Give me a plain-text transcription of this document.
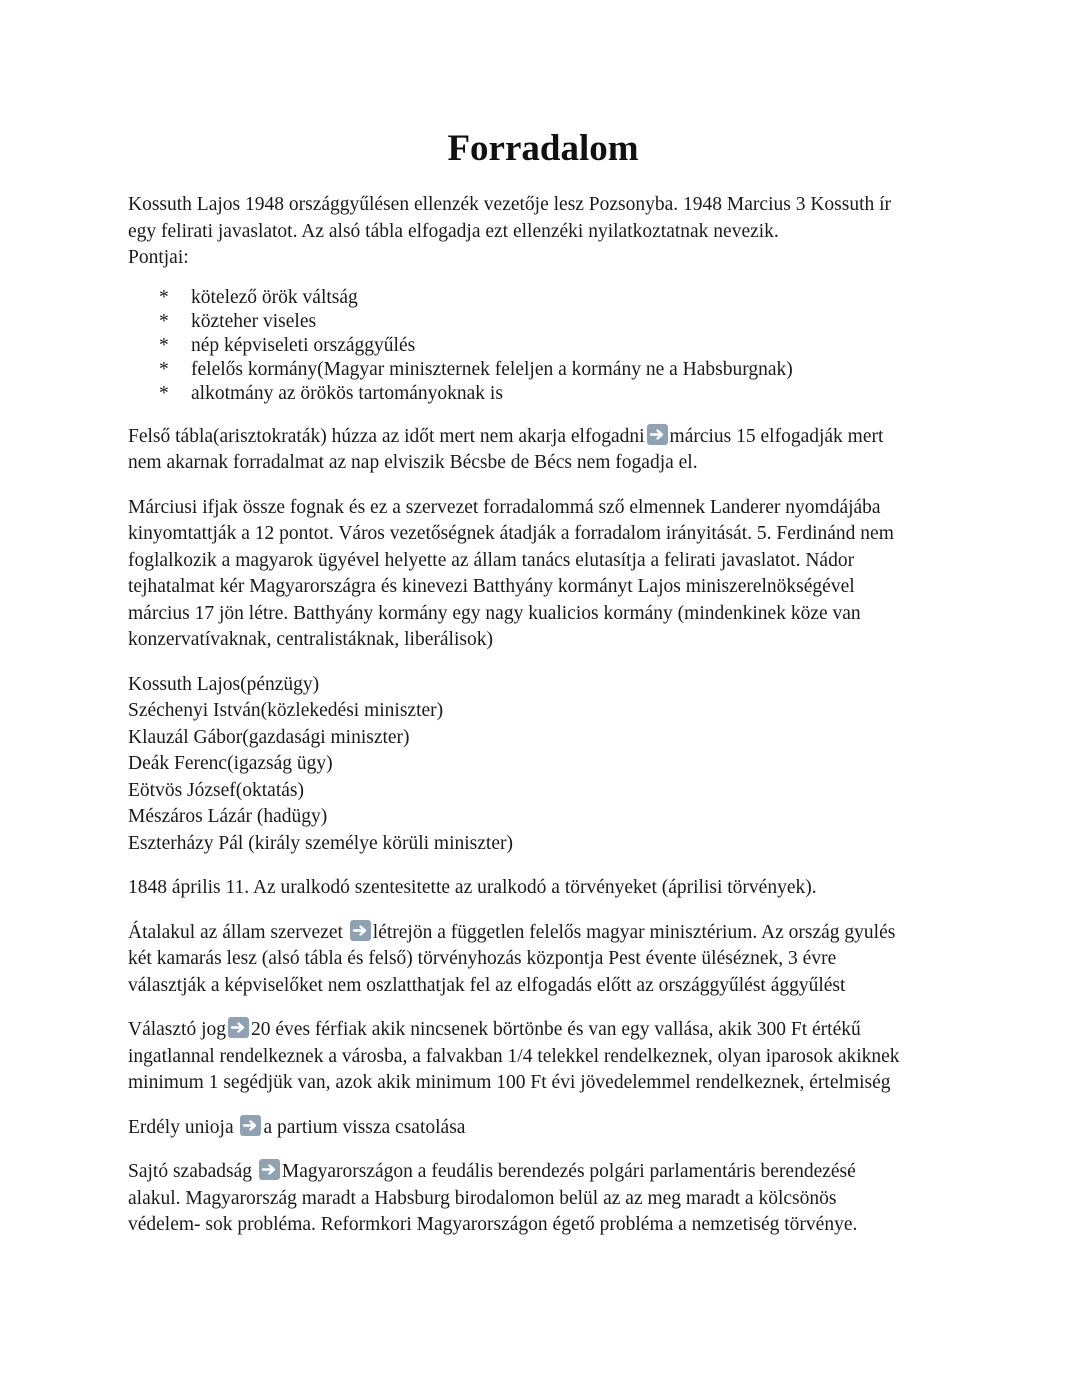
Forradalom

Kossuth Lajos 1948 országgyűlésen ellenzék vezetője lesz Pozsonyba. 1948 Marcius 3 Kossuth ír

egy felirati javaslatot. Az alsó tábla elfogadja ezt ellenzéki nyilatkoztatnak nevezik.

Pontjai:

* kötelező örök váltság
* közteher viseles
* nép képviseleti országgyűlés
* felelős kormány(Magyar miniszternek feleljen a kormány ne a Habsburgnak)
* alkotmány az örökös tartományoknak is

Felső tábla(arisztokraták) húzza az időt mert nem akarja elfogadni március 15 elfogadják mert

nem akarnak forradalmat az nap elviszik Bécsbe de Bécs nem fogadja el.

Márciusi ifjak össze fognak és ez a szervezet forradalommá sző elmennek Landerer nyomdájába

kinyomtattják a 12 pontot. Város vezetőségnek átadják a forradalom irányitását. 5. Ferdinánd nem

foglalkozik a magyarok ügyével helyette az állam tanács elutasítja a felirati javaslatot. Nádor

tejhatalmat kér Magyarországra és kinevezi Batthyány kormányt Lajos miniszerelnökségével

március 17 jön létre. Batthyány kormány egy nagy kualicios kormány (mindenkinek köze van

konzervatívaknak, centralistáknak, liberálisok)

Kossuth Lajos(pénzügy)

Széchenyi István(közlekedési miniszter)

Klauzál Gábor(gazdasági miniszter)

Deák Ferenc(igazság ügy)

Eötvös József(oktatás)

Mészáros Lázár (hadügy)

Eszterházy Pál (király személye körüli miniszter)

1848 április 11. Az uralkodó szentesitette az uralkodó a törvényeket (áprilisi törvények).

Átalakul az állam szervezet létrejön a független felelős magyar minisztérium. Az ország gyulés

két kamarás lesz (alsó tábla és felső) törvényhozás központja Pest évente üléséznek, 3 évre

választják a képviselőket nem oszlatthatjak fel az elfogadás előtt az országgyűlést ággyűlést

Választó jog 20 éves férfiak akik nincsenek börtönbe és van egy vallása, akik 300 Ft értékű

ingatlannal rendelkeznek a városba, a falvakban 1/4 telekkel rendelkeznek, olyan iparosok akiknek

minimum 1 segédjük van, azok akik minimum 100 Ft évi jövedelemmel rendelkeznek, értelmiség

Erdély unioja a partium vissza csatolása

Sajtó szabadság Magyarországon a feudális berendezés polgári parlamentáris berendezésé

alakul. Magyarország maradt a Habsburg birodalomon belül az az meg maradt a kölcsönös

védelem- sok probléma. Reformkori Magyarországon égető probléma a nemzetiség törvénye.
